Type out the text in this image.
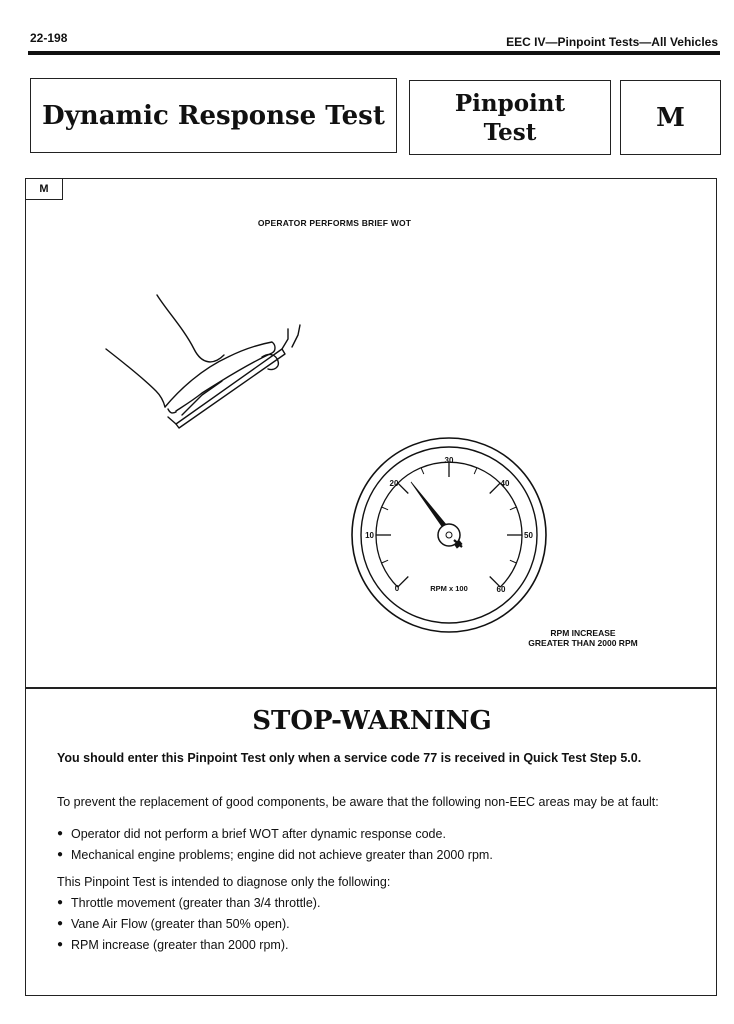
22-198	EEC IV—Pinpoint Tests—All Vehicles
Dynamic Response Test	Pinpoint
Test	M
M
OPERATOR PERFORMS BRIEF WOT
0
10
20
30
40
50
60
RPM x 100
RPM INCREASE
GREATER THAN 2000 RPM
STOP-WARNING
You should enter this Pinpoint Test only when a service code 77 is received in Quick Test Step 5.0.
To prevent the replacement of good components, be aware that the following non-EEC areas may be at fault:
● Operator did not perform a brief WOT after dynamic response code.
● Mechanical engine problems; engine did not achieve greater than 2000 rpm.
This Pinpoint Test is intended to diagnose only the following:
● Throttle movement (greater than 3/4 throttle).
● Vane Air Flow (greater than 50% open).
● RPM increase (greater than 2000 rpm).
